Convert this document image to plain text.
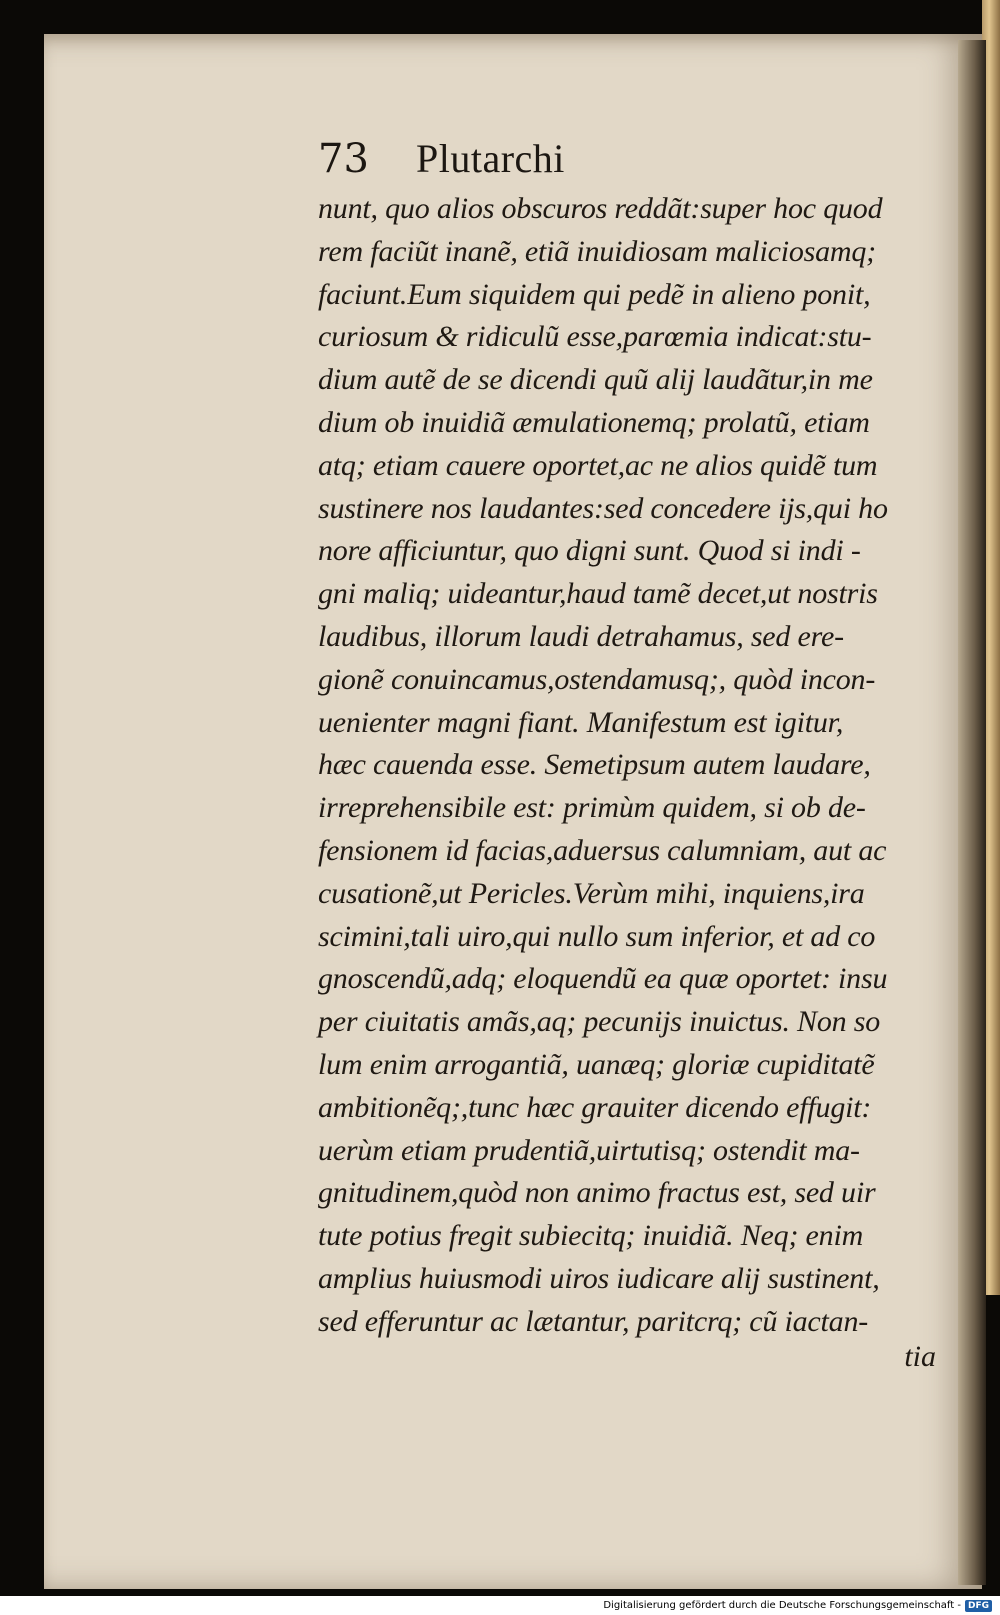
73	Plutarchi
nunt, quo alios obscuros reddãt:super hoc quod
rem faciũt inanẽ, etiã inuidiosam maliciosamq;
faciunt.Eum siquidem qui pedẽ in alieno ponit,
curiosum & ridiculũ esse,parœmia indicat:stu-
dium autẽ de se dicendi quũ alij laudãtur,in me
dium ob inuidiã æmulationemq; prolatũ, etiam
atq; etiam cauere oportet,ac ne alios quidẽ tum
sustinere nos laudantes:sed concedere ijs,qui ho
nore afficiuntur, quo digni sunt. Quod si indi -
gni maliq; uideantur,haud tamẽ decet,ut nostris
laudibus, illorum laudi detrahamus, sed ere-
gionẽ conuincamus,ostendamusq;, quòd incon-
uenienter magni fiant. Manifestum est igitur,
hæc cauenda esse. Semetipsum autem laudare,
irreprehensibile est: primùm quidem, si ob de-
fensionem id facias,aduersus calumniam, aut ac
cusationẽ,ut Pericles.Verùm mihi, inquiens,ira
scimini,tali uiro,qui nullo sum inferior, et ad co
gnoscendũ,adq; eloquendũ ea quæ oportet: insu
per ciuitatis amãs,aq; pecunijs inuictus. Non so
lum enim arrogantiã, uanæq; gloriæ cupiditatẽ
ambitionẽq;,tunc hæc grauiter dicendo effugit:
uerùm etiam prudentiã,uirtutisq; ostendit ma-
gnitudinem,quòd non animo fractus est, sed uir
tute potius fregit subiecitq; inuidiã. Neq; enim
amplius huiusmodi uiros iudicare alij sustinent,
sed efferuntur ac lætantur, paritcrq; cũ iactan-
tia
Digitalisierung gefördert durch die Deutsche Forschungsgemeinschaft - DFG
